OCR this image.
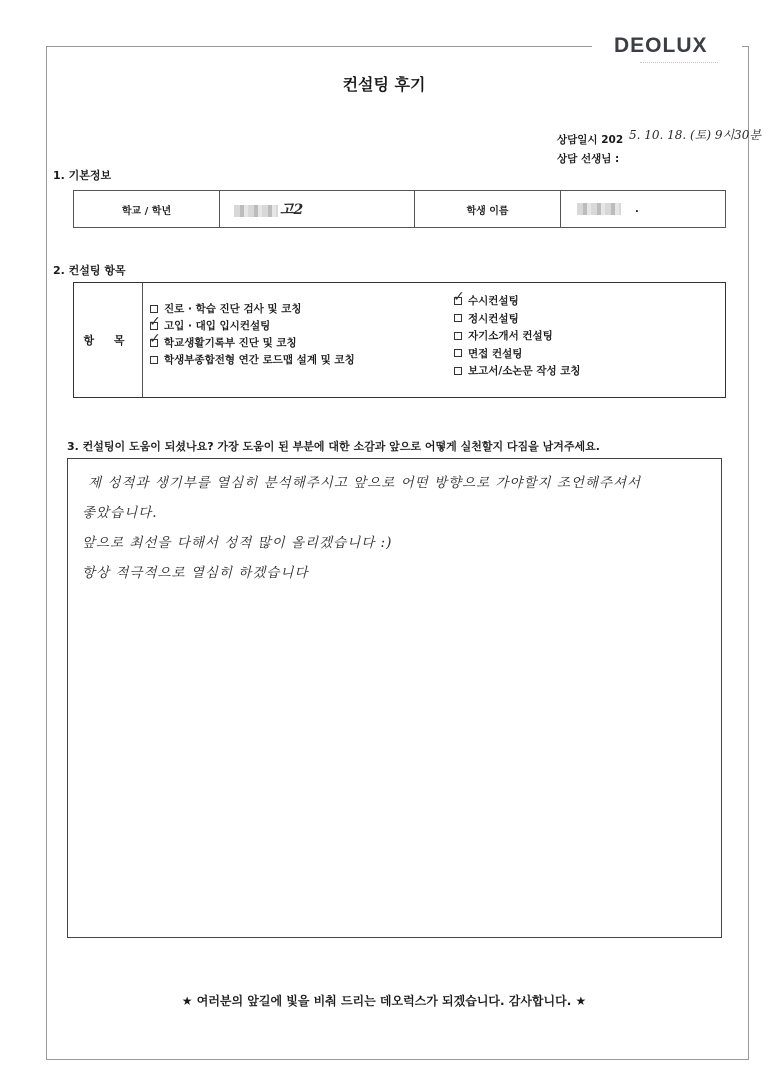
DEOLUX
컨설팅 후기
상담일시 202 5. 10. 18. (토) 9시30분
상담 선생님 :
1. 기본정보
학교 / 학년	고2	학생 이름	.
2. 컨설팅 항목
항 목
진로 · 학습 진단 검사 및 코칭
✓ 고입 · 대입 입시컨설팅
✓ 학교생활기록부 진단 및 코칭
학생부종합전형 연간 로드맵 설계 및 코칭
✓ 수시컨설팅
정시컨설팅
자기소개서 컨설팅
면접 컨설팅
보고서/소논문 작성 코칭
3. 컨설팅이 도움이 되셨나요? 가장 도움이 된 부분에 대한 소감과 앞으로 어떻게 실천할지 다짐을 남겨주세요.
제 성적과 생기부를 열심히 분석해주시고 앞으로 어떤 방향으로 가야할지 조언해주셔서
좋았습니다.
앞으로 최선을 다해서 성적 많이 올리겠습니다 :)
항상 적극적으로 열심히 하겠습니다
★ 여러분의 앞길에 빛을 비춰 드리는 데오럭스가 되겠습니다. 감사합니다. ★
